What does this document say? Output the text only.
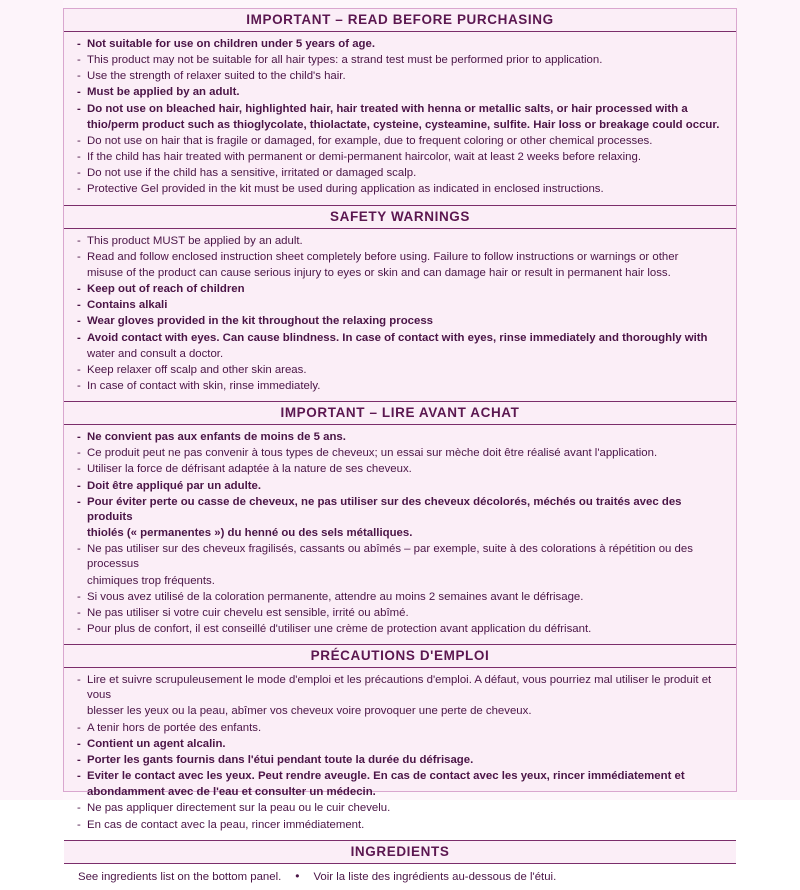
IMPORTANT – READ BEFORE PURCHASING
- Not suitable for use on children under 5 years of age.
- This product may not be suitable for all hair types: a strand test must be performed prior to application.
- Use the strength of relaxer suited to the child's hair.
- Must be applied by an adult.
- Do not use on bleached hair, highlighted hair, hair treated with henna or metallic salts, or hair processed with a
thio/perm product such as thioglycolate, thiolactate, cysteine, cysteamine, sulfite. Hair loss or breakage could occur.
- Do not use on hair that is fragile or damaged, for example, due to frequent coloring or other chemical processes.
- If the child has hair treated with permanent or demi-permanent haircolor, wait at least 2 weeks before relaxing.
- Do not use if the child has a sensitive, irritated or damaged scalp.
- Protective Gel provided in the kit must be used during application as indicated in enclosed instructions.
SAFETY WARNINGS
- This product MUST be applied by an adult.
- Read and follow enclosed instruction sheet completely before using. Failure to follow instructions or warnings or other
misuse of the product can cause serious injury to eyes or skin and can damage hair or result in permanent hair loss.
- Keep out of reach of children
- Contains alkali
- Wear gloves provided in the kit throughout the relaxing process
- Avoid contact with eyes. Can cause blindness. In case of contact with eyes, rinse immediately and thoroughly with
water and consult a doctor.
- Keep relaxer off scalp and other skin areas.
- In case of contact with skin, rinse immediately.
IMPORTANT – LIRE AVANT ACHAT
- Ne convient pas aux enfants de moins de 5 ans.
- Ce produit peut ne pas convenir à tous types de cheveux; un essai sur mèche doit être réalisé avant l'application.
- Utiliser la force de défrisant adaptée à la nature de ses cheveux.
- Doit être appliqué par un adulte.
- Pour éviter perte ou casse de cheveux, ne pas utiliser sur des cheveux décolorés, méchés ou traités avec des produits
thiolés (« permanentes ») du henné ou des sels métalliques.
- Ne pas utiliser sur des cheveux fragilisés, cassants ou abîmés – par exemple, suite à des colorations à répétition ou des processus
chimiques trop fréquents.
- Si vous avez utilisé de la coloration permanente, attendre au moins 2 semaines avant le défrisage.
- Ne pas utiliser si votre cuir chevelu est sensible, irrité ou abîmé.
- Pour plus de confort, il est conseillé d'utiliser une crème de protection avant application du défrisant.
PRÉCAUTIONS D'EMPLOI
- Lire et suivre scrupuleusement le mode d'emploi et les précautions d'emploi. A défaut, vous pourriez mal utiliser le produit et vous
blesser les yeux ou la peau, abîmer vos cheveux voire provoquer une perte de cheveux.
- A tenir hors de portée des enfants.
- Contient un agent alcalin.
- Porter les gants fournis dans l'étui pendant toute la durée du défrisage.
- Eviter le contact avec les yeux. Peut rendre aveugle. En cas de contact avec les yeux, rincer immédiatement et
abondamment avec de l'eau et consulter un médecin.
- Ne pas appliquer directement sur la peau ou le cuir chevelu.
- En cas de contact avec la peau, rincer immédiatement.
INGREDIENTS
See ingredients list on the bottom panel.	•	Voir la liste des ingrédients au-dessous de l'étui.
